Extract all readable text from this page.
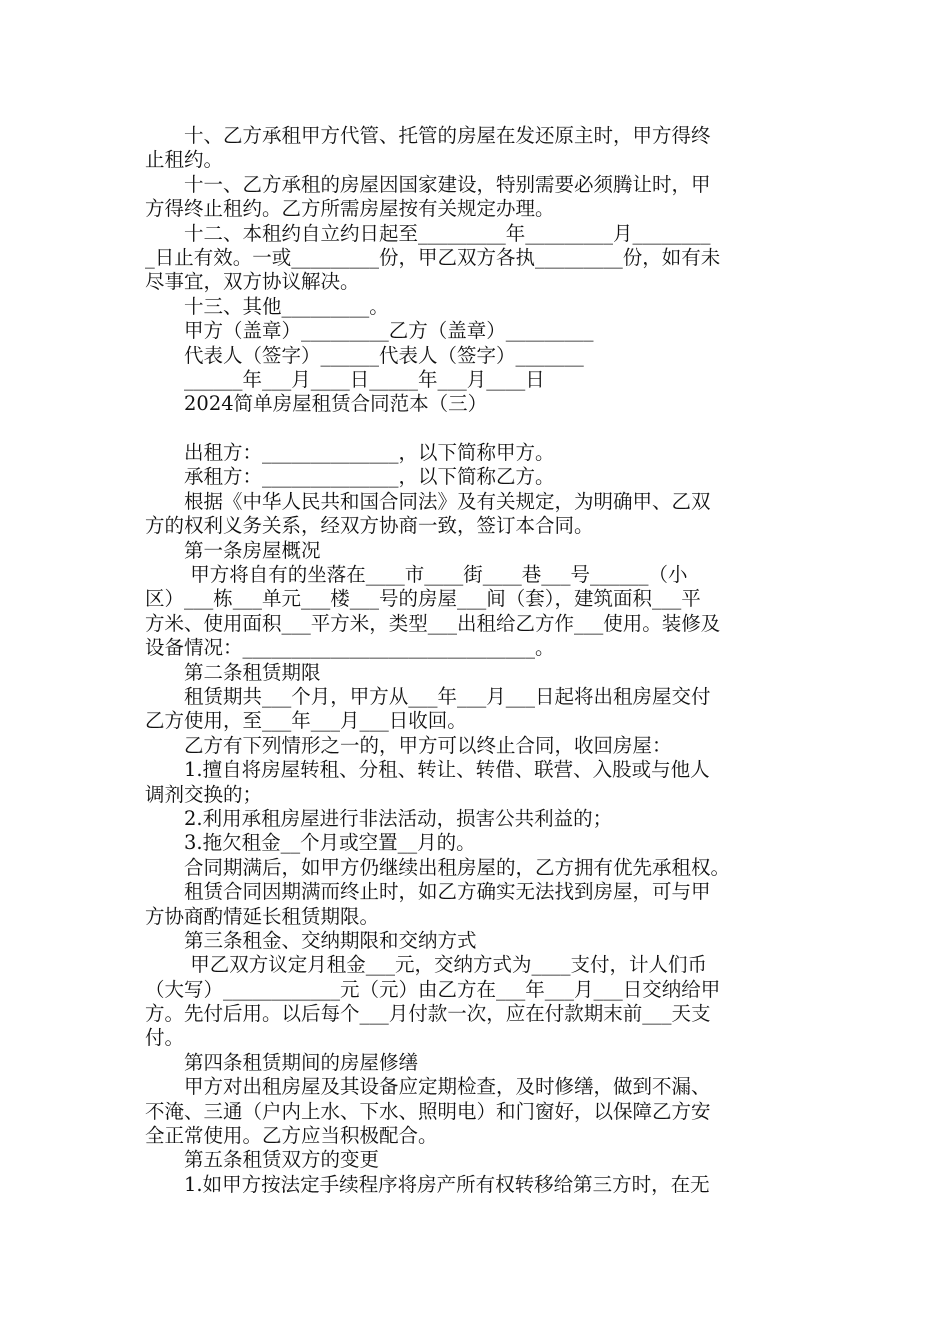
　　十、乙方承租甲方代管、托管的房屋在发还原主时，甲方得终
止租约。
　　十一、乙方承租的房屋因国家建设，特别需要必须腾让时，甲
方得终止租约。乙方所需房屋按有关规定办理。
　　十二、本租约自立约日起至_________年_________月________
_日止有效。一或_________份，甲乙双方各执_________份，如有未
尽事宜，双方协议解决。
　　十三、其他_________。
　　甲方（盖章）_________乙方（盖章）_________
　　代表人（签字）______代表人（签字）_______
　　______年___月____日_____年___月____日
　　2024简单房屋租赁合同范本（三）
　　出租方：______________，以下简称甲方。
　　承租方：______________，以下简称乙方。
　　根据《中华人民共和国合同法》及有关规定，为明确甲、乙双
方的权利义务关系，经双方协商一致，签订本合同。
　　第一条房屋概况
　　 甲方将自有的坐落在____市____街____巷___号______（小
区）___栋___单元___楼___号的房屋___间（套），建筑面积___平
方米、使用面积___平方米，类型___出租给乙方作___使用。装修及
设备情况：______________________________。
　　第二条租赁期限
　　租赁期共___个月，甲方从___年___月___日起将出租房屋交付
乙方使用，至___年___月___日收回。
　　乙方有下列情形之一的，甲方可以终止合同，收回房屋：
　　1.擅自将房屋转租、分租、转让、转借、联营、入股或与他人
调剂交换的；
　　2.利用承租房屋进行非法活动，损害公共利益的；
　　3.拖欠租金__个月或空置__月的。
　　合同期满后，如甲方仍继续出租房屋的，乙方拥有优先承租权。
　　租赁合同因期满而终止时，如乙方确实无法找到房屋，可与甲
方协商酌情延长租赁期限。
　　第三条租金、交纳期限和交纳方式
　　 甲乙双方议定月租金___元，交纳方式为____支付，计人们币
（大写）____________元（元）由乙方在___年___月___日交纳给甲
方。先付后用。以后每个___月付款一次，应在付款期末前___天支
付。
　　第四条租赁期间的房屋修缮
　　甲方对出租房屋及其设备应定期检查，及时修缮，做到不漏、
不淹、三通（户内上水、下水、照明电）和门窗好，以保障乙方安
全正常使用。乙方应当积极配合。
　　第五条租赁双方的变更
　　1.如甲方按法定手续程序将房产所有权转移给第三方时，在无
